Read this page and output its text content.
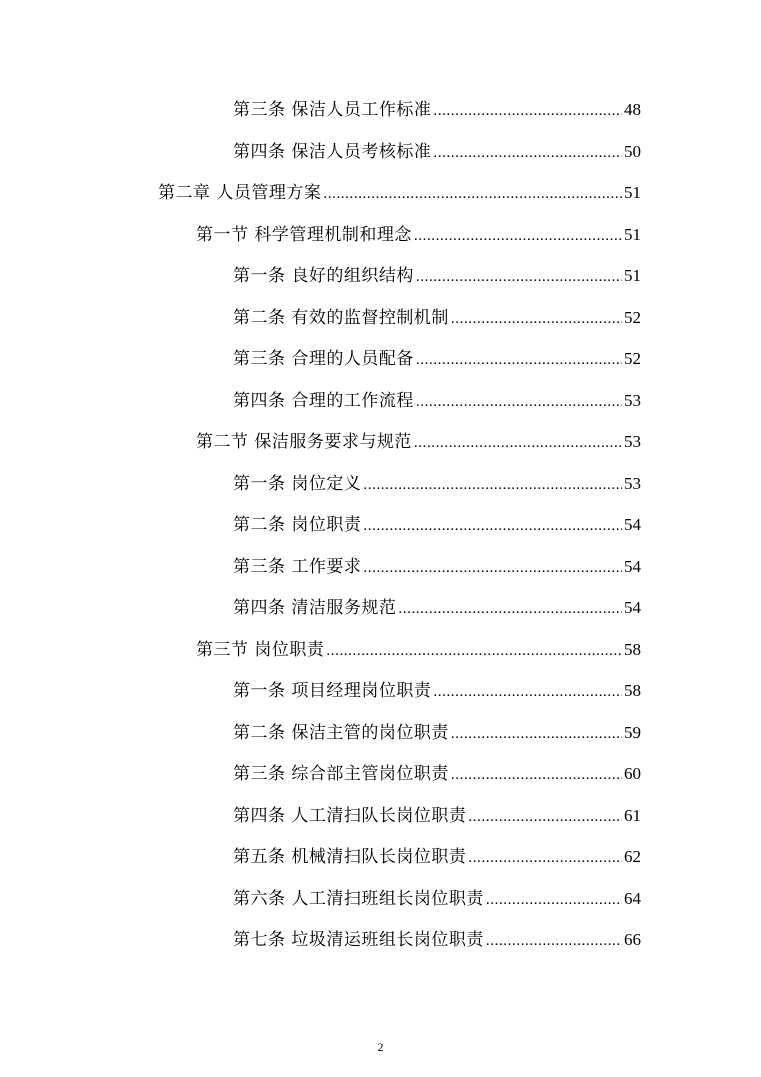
第三条 保洁人员工作标准 .....	48
第四条 保洁人员考核标准 .....	50
第二章 人员管理方案 .....	51
第一节 科学管理机制和理念 .....	51
第一条 良好的组织结构 .....	51
第二条 有效的监督控制机制 .....	52
第三条 合理的人员配备 .....	52
第四条 合理的工作流程 .....	53
第二节 保洁服务要求与规范 .....	53
第一条 岗位定义 .....	53
第二条 岗位职责 .....	54
第三条 工作要求 .....	54
第四条 清洁服务规范 .....	54
第三节 岗位职责 .....	58
第一条 项目经理岗位职责 .....	58
第二条 保洁主管的岗位职责 .....	59
第三条 综合部主管岗位职责 .....	60
第四条 人工清扫队长岗位职责 .....	61
第五条 机械清扫队长岗位职责 .....	62
第六条 人工清扫班组长岗位职责 .....	64
第七条 垃圾清运班组长岗位职责 .....	66
2
